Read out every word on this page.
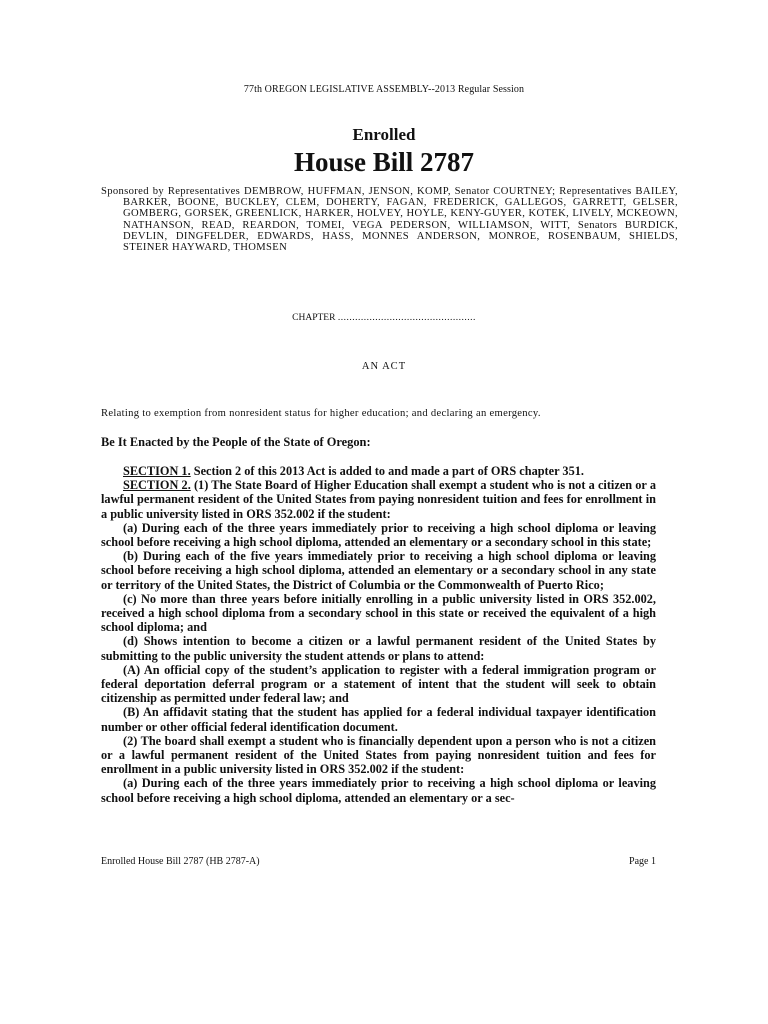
77th OREGON LEGISLATIVE ASSEMBLY--2013 Regular Session
Enrolled
House Bill 2787
Sponsored by Representatives DEMBROW, HUFFMAN, JENSON, KOMP, Senator COURTNEY; Representatives BAILEY, BARKER, BOONE, BUCKLEY, CLEM, DOHERTY, FAGAN, FREDERICK, GALLEGOS, GARRETT, GELSER, GOMBERG, GORSEK, GREENLICK, HARKER, HOLVEY, HOYLE, KENY-GUYER, KOTEK, LIVELY, MCKEOWN, NATHANSON, READ, REARDON, TOMEI, VEGA PEDERSON, WILLIAMSON, WITT, Senators BURDICK, DEVLIN, DINGFELDER, EDWARDS, HASS, MONNES ANDERSON, MONROE, ROSENBAUM, SHIELDS, STEINER HAYWARD, THOMSEN
CHAPTER ................................................
AN ACT
Relating to exemption from nonresident status for higher education; and declaring an emergency.
Be It Enacted by the People of the State of Oregon:

SECTION 1. Section 2 of this 2013 Act is added to and made a part of ORS chapter 351.

SECTION 2. (1) The State Board of Higher Education shall exempt a student who is not a citizen or a lawful permanent resident of the United States from paying nonresident tuition and fees for enrollment in a public university listed in ORS 352.002 if the student:

(a) During each of the three years immediately prior to receiving a high school diploma or leaving school before receiving a high school diploma, attended an elementary or a secondary school in this state;

(b) During each of the five years immediately prior to receiving a high school diploma or leaving school before receiving a high school diploma, attended an elementary or a secondary school in any state or territory of the United States, the District of Columbia or the Commonwealth of Puerto Rico;

(c) No more than three years before initially enrolling in a public university listed in ORS 352.002, received a high school diploma from a secondary school in this state or received the equivalent of a high school diploma; and

(d) Shows intention to become a citizen or a lawful permanent resident of the United States by submitting to the public university the student attends or plans to attend:

(A) An official copy of the student’s application to register with a federal immigration program or federal deportation deferral program or a statement of intent that the student will seek to obtain citizenship as permitted under federal law; and

(B) An affidavit stating that the student has applied for a federal individual taxpayer identification number or other official federal identification document.

(2) The board shall exempt a student who is financially dependent upon a person who is not a citizen or a lawful permanent resident of the United States from paying nonresident tuition and fees for enrollment in a public university listed in ORS 352.002 if the student:

(a) During each of the three years immediately prior to receiving a high school diploma or leaving school before receiving a high school diploma, attended an elementary or a sec-

Enrolled House Bill 2787 (HB 2787-A)	Page 1
